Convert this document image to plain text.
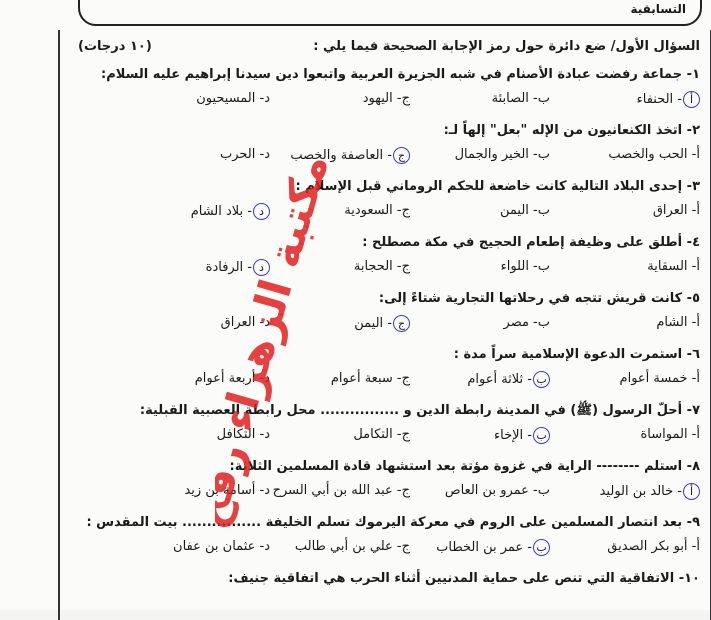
التسابقية
السؤال الأول/ ضع دائرة حول رمز الإجابة الصحيحة فيما يلي :
(١٠ درجات)
١- جماعة رفضت عبادة الأصنام في شبه الجزيرة العربية واتبعوا دين سيدنا إبراهيم عليه السلام:
أ- الحنفاء
ب- الصابئة
ج- اليهود
د- المسيحيون
٢- اتخذ الكنعانيون من الإله "بعل" إلهاً لـ:
أ- الحب والخصب
ب- الخير والجمال
ج- العاصفة والخصب
د- الحرب
٣- إحدى البلاد التالية كانت خاضعة للحكم الروماني قبل الإسلام :
أ- العراق
ب- اليمن
ج- السعودية
د- بلاد الشام
٤- أطلق على وظيفة إطعام الحجيج في مكة مصطلح :
أ- السقاية
ب- اللواء
ج- الحجابة
د- الرفادة
٥- كانت قريش تتجه في رحلاتها التجارية شتاءً إلى:
أ- الشام
ب- مصر
ج- اليمن
د- العراق
٦- استمرت الدعوة الإسلامية سراً مدة :
أ- خمسة أعوام
ب- ثلاثة أعوام
ج- سبعة أعوام
د- أربعة أعوام
٧- أحلّ الرسول (ﷺ) في المدينة رابطة الدين و ................ محل رابطة العصبية القبلية:
أ- المواساة
ب- الإخاء
ج- التكامل
د- التكافل
٨- استلم -------- الراية في غزوة مؤتة بعد استشهاد قادة المسلمين الثلاثة:
أ- خالد بن الوليد
ب- عمرو بن العاص
ج- عبد الله بن أبي السرح
د- أسامة بن زيد
٩- بعد انتصار المسلمين على الروم في معركة اليرموك تسلم الخليفة ................ بيت المقدس :
أ- أبو بكر الصديق
ب- عمر بن الخطاب
ج- علي بن أبي طالب
د- عثمان بن عفان
١٠- الاتفاقية التي تنص على حماية المدنيين أثناء الحرب هي اتفاقية جنيف:
مكتبة الزهراء رفح
